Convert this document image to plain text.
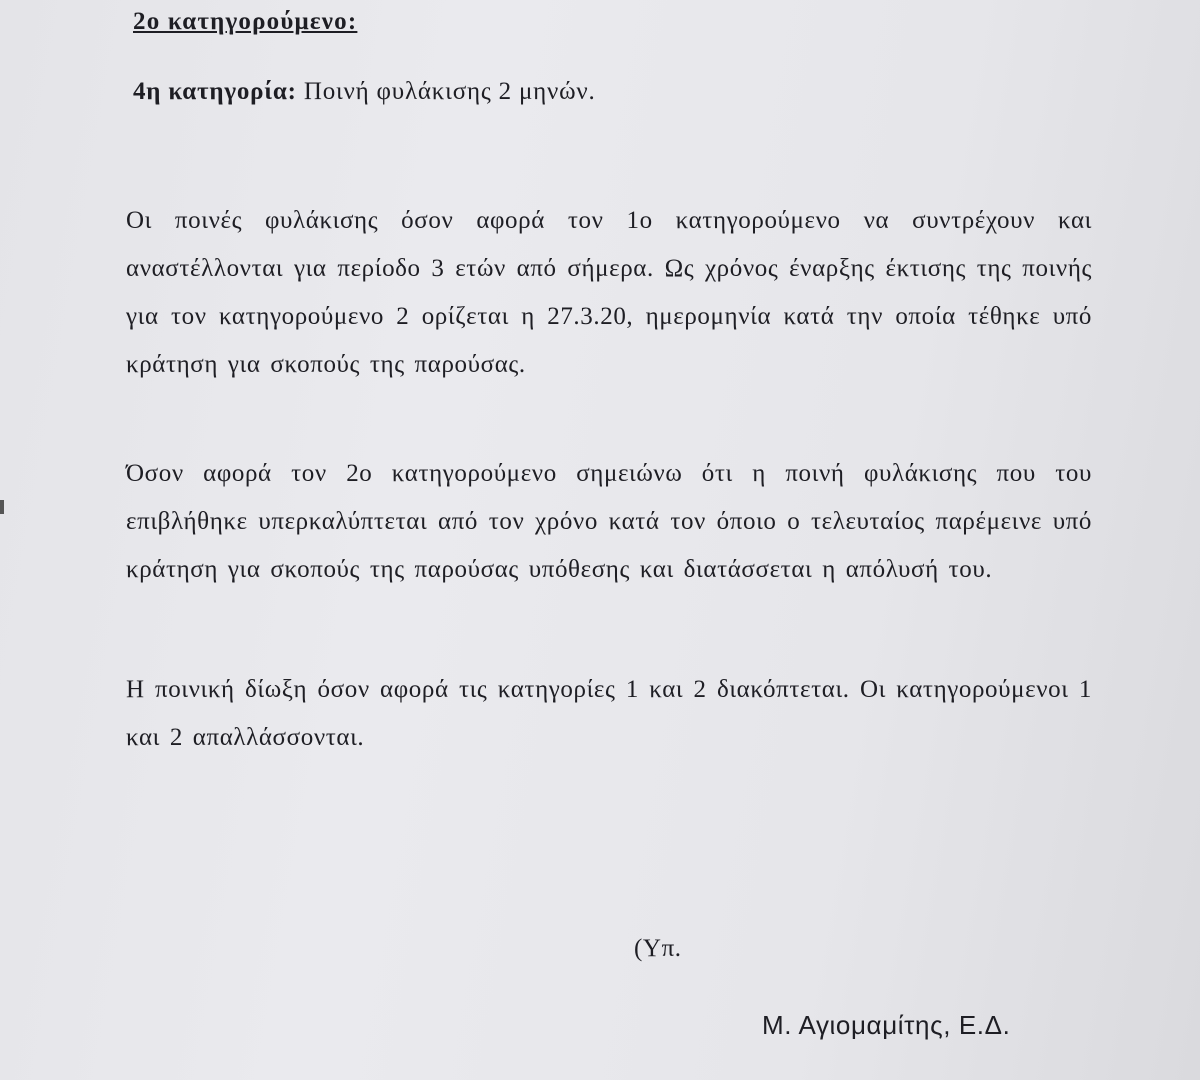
2ο κατηγορούμενο:
4η κατηγορία: Ποινή φυλάκισης 2 μηνών.

Οι ποινές φυλάκισης όσον αφορά τον 1ο κατηγορούμενο να συντρέχουν και αναστέλλονται για περίοδο 3 ετών από σήμερα. Ως χρόνος έναρξης έκτισης της ποινής για τον κατηγορούμενο 2 ορίζεται η 27.3.20, ημερομηνία κατά την οποία τέθηκε υπό κράτηση για σκοπούς της παρούσας.

Όσον αφορά τον 2ο κατηγορούμενο σημειώνω ότι η ποινή φυλάκισης που του επιβλήθηκε υπερκαλύπτεται από τον χρόνο κατά τον όποιο ο τελευταίος παρέμεινε υπό κράτηση για σκοπούς της παρούσας υπόθεσης και διατάσσεται η απόλυσή του.

Η ποινική δίωξη όσον αφορά τις κατηγορίες 1 και 2 διακόπτεται. Οι κατηγορούμενοι 1 και 2 απαλλάσσονται.

(Υπ.
Μ. Αγιομαμίτης, Ε.Δ.
